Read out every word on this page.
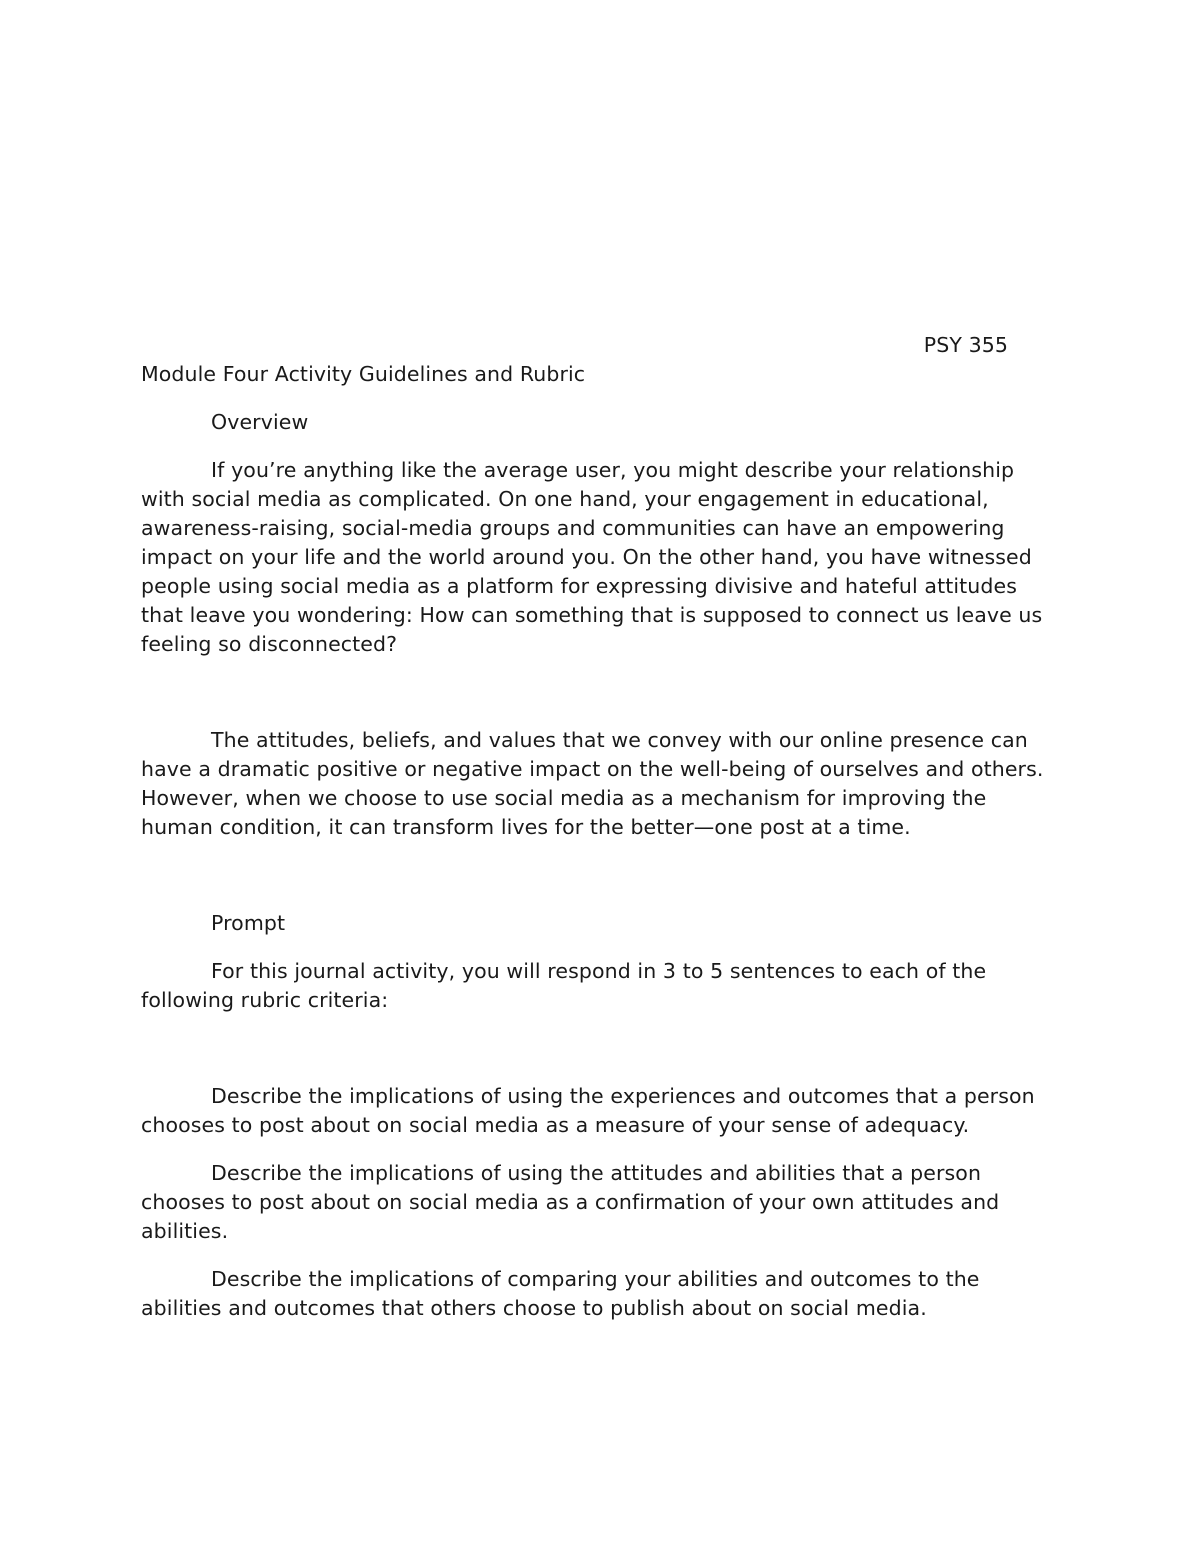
PSY 355

Module Four Activity Guidelines and Rubric

Overview

If you’re anything like the average user, you might describe your relationship with social media as complicated. On one hand, your engagement in educational, awareness-raising, social-media groups and communities can have an empowering impact on your life and the world around you. On the other hand, you have witnessed people using social media as a platform for expressing divisive and hateful attitudes that leave you wondering: How can something that is supposed to connect us leave us feeling so disconnected?

The attitudes, beliefs, and values that we convey with our online presence can have a dramatic positive or negative impact on the well-being of ourselves and others. However, when we choose to use social media as a mechanism for improving the human condition, it can transform lives for the better—one post at a time.

Prompt

For this journal activity, you will respond in 3 to 5 sentences to each of the following rubric criteria:

Describe the implications of using the experiences and outcomes that a person chooses to post about on social media as a measure of your sense of adequacy.

Describe the implications of using the attitudes and abilities that a person chooses to post about on social media as a confirmation of your own attitudes and abilities.

Describe the implications of comparing your abilities and outcomes to the abilities and outcomes that others choose to publish about on social media.
